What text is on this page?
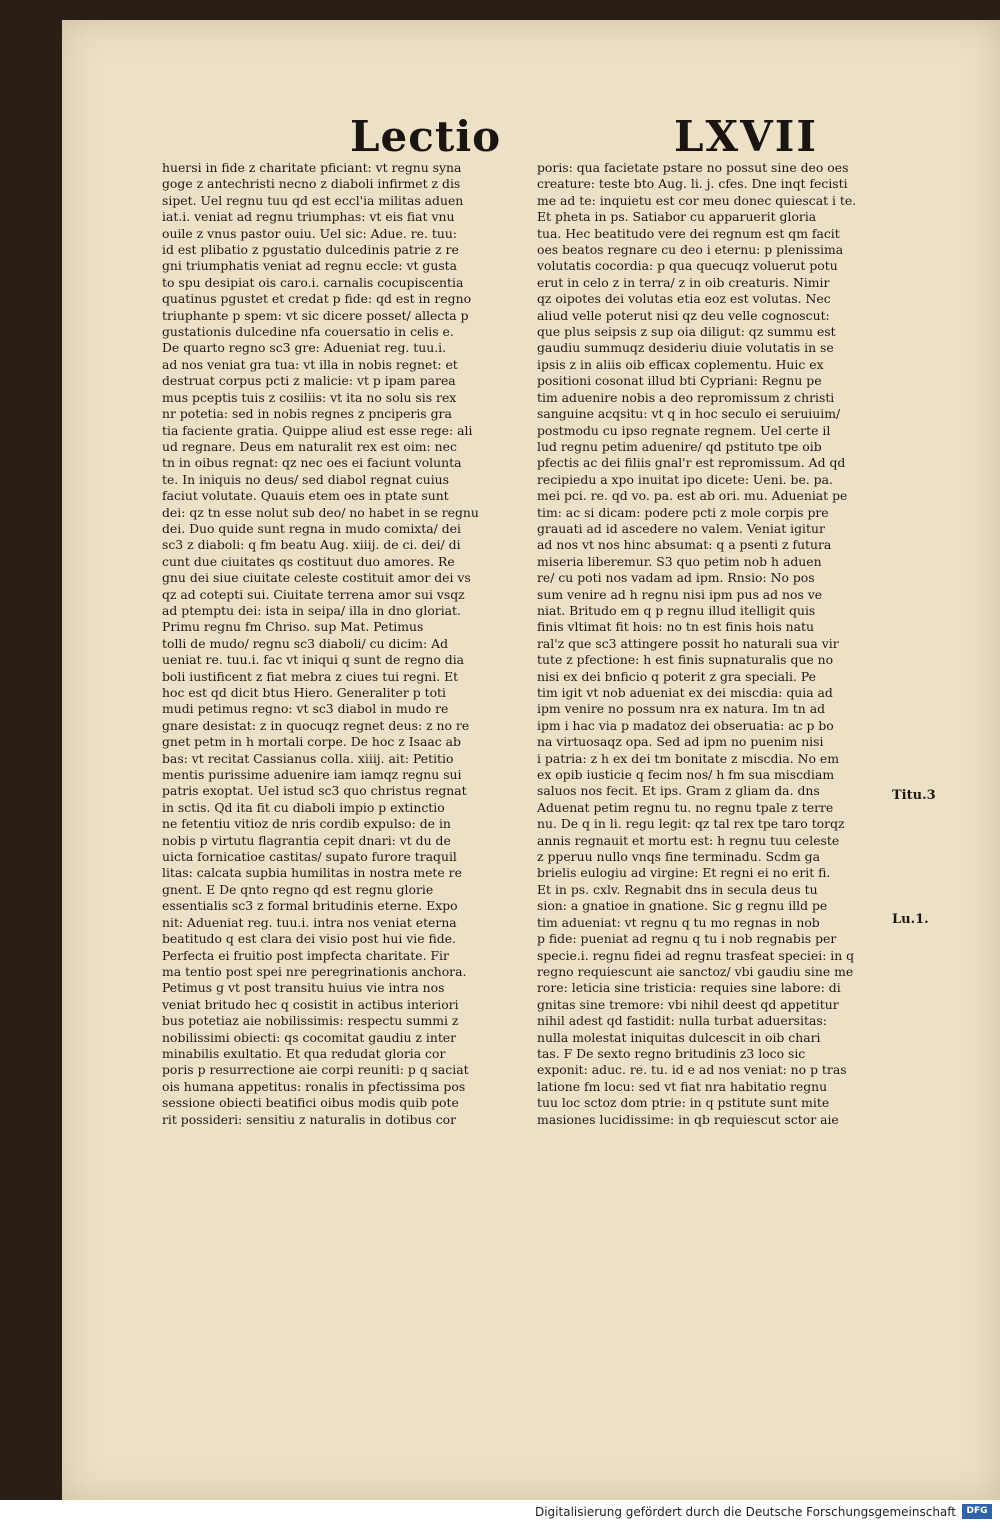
Lectio	LXVII
huersi in fide z charitate pficiant: vt regnu syna
goge z antechristi necno z diaboli infirmet z dis
sipet. Uel regnu tuu qd est eccl'ia militas aduen
iat.i. veniat ad regnu triumphas: vt eis fiat vnu
ouile z vnus pastor ouiu. Uel sic: Adue. re. tuu:
id est plibatio z pgustatio dulcedinis patrie z re
gni triumphatis veniat ad regnu eccle: vt gusta
to spu desipiat ois caro.i. carnalis cocupiscentia
quatinus pgustet et credat p fide: qd est in regno
triuphante p spem: vt sic dicere posset/ allecta p
gustationis dulcedine nfa couersatio in celis e.
De quarto regno sc3 gre: Adueniat reg. tuu.i.
ad nos veniat gra tua: vt illa in nobis regnet: et
destruat corpus pcti z malicie: vt p ipam parea
mus pceptis tuis z cosiliis: vt ita no solu sis rex
nr potetia: sed in nobis regnes z pnciperis gra
tia faciente gratia. Quippe aliud est esse rege: ali
ud regnare. Deus em naturalit rex est oim: nec
tn in oibus regnat: qz nec oes ei faciunt volunta
te. In iniquis no deus/ sed diabol regnat cuius
faciut volutate. Quauis etem oes in ptate sunt
dei: qz tn esse nolut sub deo/ no habet in se regnu
dei. Duo quide sunt regna in mudo comixta/ dei
sc3 z diaboli: q fm beatu Aug. xiiij. de ci. dei/ di
cunt due ciuitates qs costituut duo amores. Re
gnu dei siue ciuitate celeste costituit amor dei vs
qz ad cotepti sui. Ciuitate terrena amor sui vsqz
ad ptemptu dei: ista in seipa/ illa in dno gloriat.
Primu regnu fm Chriso. sup Mat. Petimus
tolli de mudo/ regnu sc3 diaboli/ cu dicim: Ad
ueniat re. tuu.i. fac vt iniqui q sunt de regno dia
boli iustificent z fiat mebra z ciues tui regni. Et
hoc est qd dicit btus Hiero. Generaliter p toti
mudi petimus regno: vt sc3 diabol in mudo re
gnare desistat: z in quocuqz regnet deus: z no re
gnet petm in h mortali corpe. De hoc z Isaac ab
bas: vt recitat Cassianus colla. xiiij. ait: Petitio
mentis purissime aduenire iam iamqz regnu sui
patris exoptat. Uel istud sc3 quo christus regnat
in sctis. Qd ita fit cu diaboli impio p extinctio
ne fetentiu vitioz de nris cordib expulso: de in
nobis p virtutu flagrantia cepit dnari: vt du de
uicta fornicatioe castitas/ supato furore traquil
litas: calcata supbia humilitas in nostra mete re
gnent. E De qnto regno qd est regnu glorie
essentialis sc3 z formal britudinis eterne. Expo
nit: Adueniat reg. tuu.i. intra nos veniat eterna
beatitudo q est clara dei visio post hui vie fide.
Perfecta ei fruitio post impfecta charitate. Fir
ma tentio post spei nre peregrinationis anchora.
Petimus g vt post transitu huius vie intra nos
veniat britudo hec q cosistit in actibus interiori
bus potetiaz aie nobilissimis: respectu summi z
nobilissimi obiecti: qs cocomitat gaudiu z inter
minabilis exultatio. Et qua redudat gloria cor
poris p resurrectione aie corpi reuniti: p q saciat
ois humana appetitus: ronalis in pfectissima pos
sessione obiecti beatifici oibus modis quib pote
rit possideri: sensitiu z naturalis in dotibus cor
poris: qua facietate pstare no possut sine deo oes
creature: teste bto Aug. li. j. cfes. Dne inqt fecisti
me ad te: inquietu est cor meu donec quiescat i te.
Et pheta in ps. Satiabor cu apparuerit gloria
tua. Hec beatitudo vere dei regnum est qm facit
oes beatos regnare cu deo i eternu: p plenissima
volutatis cocordia: p qua quecuqz voluerut potu
erut in celo z in terra/ z in oib creaturis. Nimir
qz oipotes dei volutas etia eoz est volutas. Nec
aliud velle poterut nisi qz deu velle cognoscut:
que plus seipsis z sup oia diligut: qz summu est
gaudiu summuqz desideriu diuie volutatis in se
ipsis z in aliis oib efficax coplementu. Huic ex
positioni cosonat illud bti Cypriani: Regnu pe
tim aduenire nobis a deo repromissum z christi
sanguine acqsitu: vt q in hoc seculo ei seruiuim/
postmodu cu ipso regnate regnem. Uel certe il
lud regnu petim aduenire/ qd pstituto tpe oib
pfectis ac dei filiis gnal'r est repromissum. Ad qd
recipiedu a xpo inuitat ipo dicete: Ueni. be. pa.
mei pci. re. qd vo. pa. est ab ori. mu. Adueniat pe
tim: ac si dicam: podere pcti z mole corpis pre
grauati ad id ascedere no valem. Veniat igitur
ad nos vt nos hinc absumat: q a psenti z futura
miseria liberemur. S3 quo petim nob h aduen
re/ cu poti nos vadam ad ipm. Rnsio: No pos
sum venire ad h regnu nisi ipm pus ad nos ve
niat. Britudo em q p regnu illud itelligit quis
finis vltimat fit hois: no tn est finis hois natu
ral'z que sc3 attingere possit ho naturali sua vir
tute z pfectione: h est finis supnaturalis que no
nisi ex dei bnficio q poterit z gra speciali. Pe
tim igit vt nob adueniat ex dei miscdia: quia ad
ipm venire no possum nra ex natura. Im tn ad
ipm i hac via p madatoz dei obseruatia: ac p bo
na virtuosaqz opa. Sed ad ipm no puenim nisi
i patria: z h ex dei tm bonitate z miscdia. No em
ex opib iusticie q fecim nos/ h fm sua miscdiam
saluos nos fecit. Et ips. Gram z gliam da. dns
Aduenat petim regnu tu. no regnu tpale z terre
nu. De q in li. regu legit: qz tal rex tpe taro torqz
annis regnauit et mortu est: h regnu tuu celeste
z pperuu nullo vnqs fine terminadu. Scdm ga
brielis eulogiu ad virgine: Et regni ei no erit fi.
Et in ps. cxlv. Regnabit dns in secula deus tu
sion: a gnatioe in gnatione. Sic g regnu illd pe
tim adueniat: vt regnu q tu mo regnas in nob
p fide: pueniat ad regnu q tu i nob regnabis per
specie.i. regnu fidei ad regnu trasfeat speciei: in q
regno requiescunt aie sanctoz/ vbi gaudiu sine me
rore: leticia sine tristicia: requies sine labore: di
gnitas sine tremore: vbi nihil deest qd appetitur
nihil adest qd fastidit: nulla turbat aduersitas:
nulla molestat iniquitas dulcescit in oib chari
tas. F De sexto regno britudinis z3 loco sic
exponit: aduc. re. tu. id e ad nos veniat: no p tras
latione fm locu: sed vt fiat nra habitatio regnu
tuu loc sctoz dom ptrie: in q pstitute sunt mite
masiones lucidissime: in qb requiescut sctor aie
Titu.3
Lu.1.
Digitalisierung gefördert durch die Deutsche Forschungsgemeinschaft	DFG
